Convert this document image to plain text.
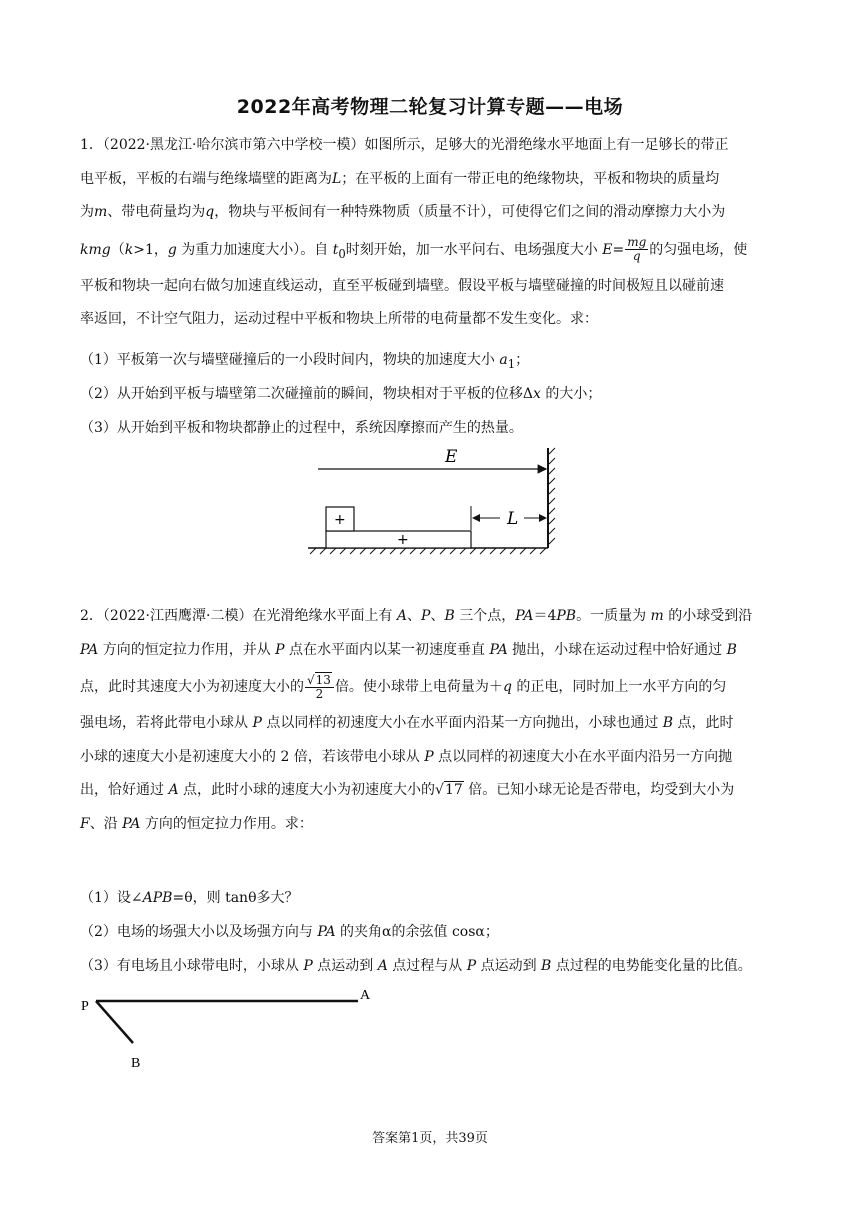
2022年高考物理二轮复习计算专题——电场
1．（2022·黑龙江·哈尔滨市第六中学校一模）如图所示，足够大的光滑绝缘水平地面上有一足够长的带正
电平板，平板的右端与绝缘墙壁的距离为L；在平板的上面有一带正电的绝缘物块，平板和物块的质量均
为m、带电荷量均为q，物块与平板间有一种特殊物质（质量不计），可使得它们之间的滑动摩擦力大小为
kmg（k>1，g 为重力加速度大小）。自 $t_0$时刻开始，加一水平问右、电场强度大小 $E= \frac{mg}{q}$ 的匀强电场，使
平板和物块一起向右做匀加速直线运动，直至平板碰到墙壁。假设平板与墙壁碰撞的时间极短且以碰前速
率返回，不计空气阻力，运动过程中平板和物块上所带的电荷量都不发生变化。求：
（1）平板第一次与墙壁碰撞后的一小段时间内，物块的加速度大小 $a_1$；
（2）从开始到平板与墙壁第二次碰撞前的瞬间，物块相对于平板的位移Δx 的大小；
（3）从开始到平板和物块都静止的过程中，系统因摩擦而产生的热量。
E
+
+	L
2．（2022·江西鹰潭·二模）在光滑绝缘水平面上有 A、P、B 三个点，PA＝4PB。一质量为 m 的小球受到沿
PA 方向的恒定拉力作用，并从 P 点在水平面内以某一初速度垂直 PA 抛出，小球在运动过程中恰好通过 B
点，此时其速度大小为初速度大小的 $\frac{√13}{2}$ 倍。使小球带上电荷量为＋q 的正电，同时加上一水平方向的匀
强电场，若将此带电小球从 P 点以同样的初速度大小在水平面内沿某一方向抛出，小球也通过 B 点，此时
小球的速度大小是初速度大小的 2 倍，若该带电小球从 P 点以同样的初速度大小在水平面内沿另一方向抛
出，恰好通过 A 点，此时小球的速度大小为初速度大小的√17 倍。已知小球无论是否带电，均受到大小为
F、沿 PA 方向的恒定拉力作用。求：
（1）设∠APB=θ，则 tanθ多大？
（2）电场的场强大小以及场强方向与 PA 的夹角α的余弦值 cosα；
（3）有电场且小球带电时，小球从 P 点运动到 A 点过程与从 P 点运动到 B 点过程的电势能变化量的比值。
P
A
B
答案第1页，共39页
